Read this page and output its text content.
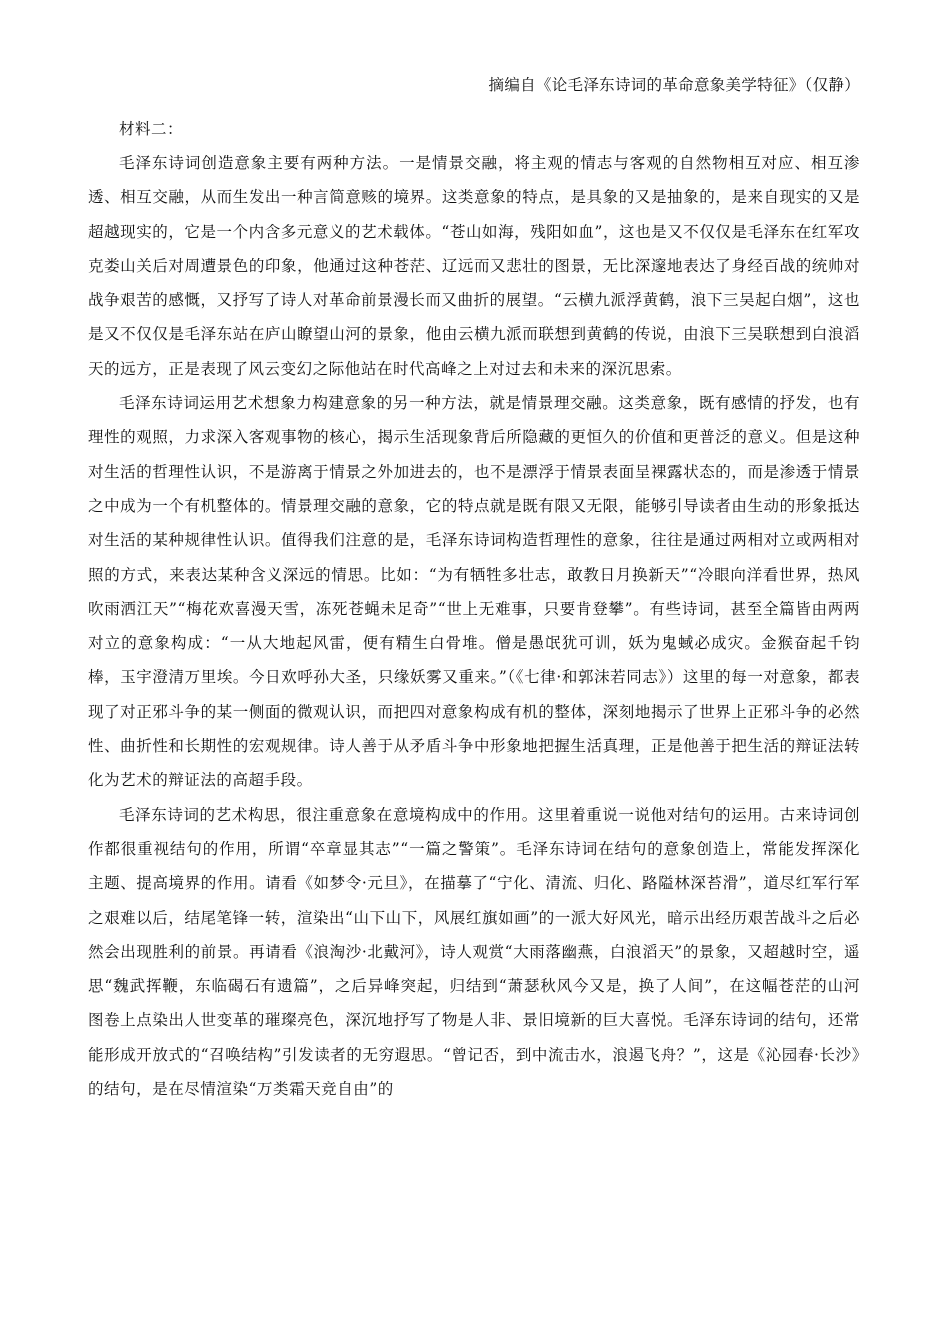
摘编自《论毛泽东诗词的革命意象美学特征》（仅静）

材料二：

毛泽东诗词创造意象主要有两种方法。一是情景交融，将主观的情志与客观的自然物相互对应、相互渗透、相互交融，从而生发出一种言简意赅的境界。这类意象的特点，是具象的又是抽象的，是来自现实的又是超越现实的，它是一个内含多元意义的艺术载体。“苍山如海，残阳如血”，这也是又不仅仅是毛泽东在红军攻克娄山关后对周遭景色的印象，他通过这种苍茫、辽远而又悲壮的图景，无比深邃地表达了身经百战的统帅对战争艰苦的感慨，又抒写了诗人对革命前景漫长而又曲折的展望。“云横九派浮黄鹤，浪下三吴起白烟”，这也是又不仅仅是毛泽东站在庐山瞭望山河的景象，他由云横九派而联想到黄鹤的传说，由浪下三吴联想到白浪滔天的远方，正是表现了风云变幻之际他站在时代高峰之上对过去和未来的深沉思索。

毛泽东诗词运用艺术想象力构建意象的另一种方法，就是情景理交融。这类意象，既有感情的抒发，也有理性的观照，力求深入客观事物的核心，揭示生活现象背后所隐藏的更恒久的价值和更普泛的意义。但是这种对生活的哲理性认识，不是游离于情景之外加进去的，也不是漂浮于情景表面呈裸露状态的，而是渗透于情景之中成为一个有机整体的。情景理交融的意象，它的特点就是既有限又无限，能够引导读者由生动的形象抵达对生活的某种规律性认识。值得我们注意的是，毛泽东诗词构造哲理性的意象，往往是通过两相对立或两相对照的方式，来表达某种含义深远的情思。比如：“为有牺牲多壮志，敢教日月换新天”“冷眼向洋看世界，热风吹雨洒江天”“梅花欢喜漫天雪，冻死苍蝇未足奇”“世上无难事，只要肯登攀”。有些诗词，甚至全篇皆由两两对立的意象构成：“一从大地起风雷，便有精生白骨堆。僧是愚氓犹可训，妖为鬼蜮必成灾。金猴奋起千钧棒，玉宇澄清万里埃。今日欢呼孙大圣，只缘妖雾又重来。”（《七律·和郭沫若同志》）这里的每一对意象，都表现了对正邪斗争的某一侧面的微观认识，而把四对意象构成有机的整体，深刻地揭示了世界上正邪斗争的必然性、曲折性和长期性的宏观规律。诗人善于从矛盾斗争中形象地把握生活真理，正是他善于把生活的辩证法转化为艺术的辩证法的高超手段。

毛泽东诗词的艺术构思，很注重意象在意境构成中的作用。这里着重说一说他对结句的运用。古来诗词创作都很重视结句的作用，所谓“卒章显其志”“一篇之警策”。毛泽东诗词在结句的意象创造上，常能发挥深化主题、提高境界的作用。请看《如梦令·元旦》，在描摹了“宁化、清流、归化、路隘林深苔滑”，道尽红军行军之艰难以后，结尾笔锋一转，渲染出“山下山下，风展红旗如画”的一派大好风光，暗示出经历艰苦战斗之后必然会出现胜利的前景。再请看《浪淘沙·北戴河》，诗人观赏“大雨落幽燕，白浪滔天”的景象，又超越时空，遥思“魏武挥鞭，东临碣石有遗篇”，之后异峰突起，归结到“萧瑟秋风今又是，换了人间”，在这幅苍茫的山河图卷上点染出人世变革的璀璨亮色，深沉地抒写了物是人非、景旧境新的巨大喜悦。毛泽东诗词的结句，还常能形成开放式的“召唤结构”引发读者的无穷遐思。“曾记否，到中流击水，浪遏飞舟？”，这是《沁园春·长沙》的结句，是在尽情渲染“万类霜天竞自由”的
